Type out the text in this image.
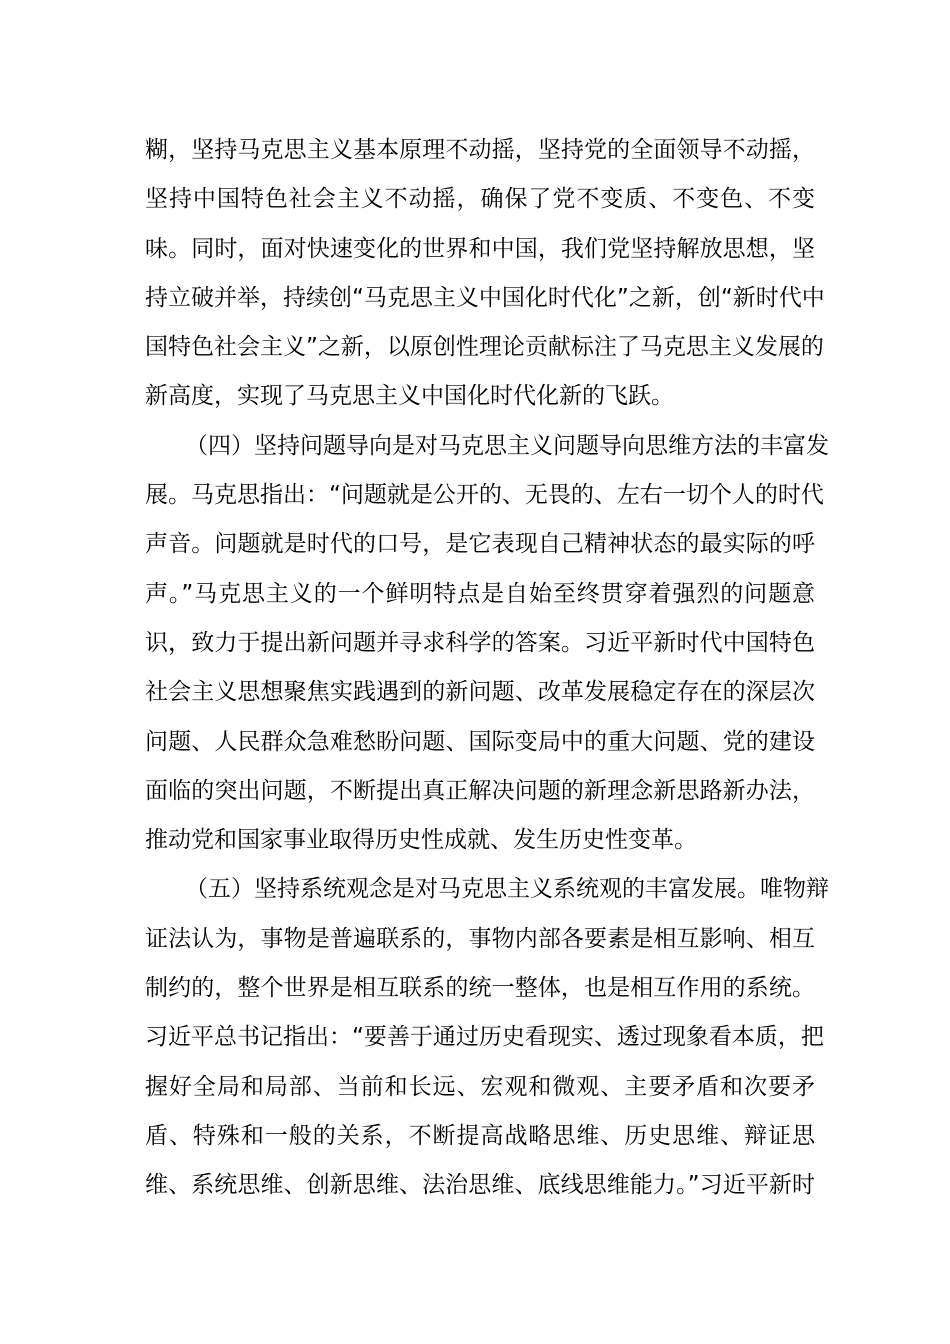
糊，坚持马克思主义基本原理不动摇，坚持党的全面领导不动摇，
坚持中国特色社会主义不动摇，确保了党不变质、不变色、不变
味。同时，面对快速变化的世界和中国，我们党坚持解放思想，坚
持立破并举，持续创“马克思主义中国化时代化”之新，创“新时代中
国特色社会主义”之新，以原创性理论贡献标注了马克思主义发展的
新高度，实现了马克思主义中国化时代化新的飞跃。
（四）坚持问题导向是对马克思主义问题导向思维方法的丰富发
展。马克思指出：“问题就是公开的、无畏的、左右一切个人的时代
声音。问题就是时代的口号，是它表现自己精神状态的最实际的呼
声。”马克思主义的一个鲜明特点是自始至终贯穿着强烈的问题意
识，致力于提出新问题并寻求科学的答案。习近平新时代中国特色
社会主义思想聚焦实践遇到的新问题、改革发展稳定存在的深层次
问题、人民群众急难愁盼问题、国际变局中的重大问题、党的建设
面临的突出问题，不断提出真正解决问题的新理念新思路新办法，
推动党和国家事业取得历史性成就、发生历史性变革。
（五）坚持系统观念是对马克思主义系统观的丰富发展。唯物辩
证法认为，事物是普遍联系的，事物内部各要素是相互影响、相互
制约的，整个世界是相互联系的统一整体，也是相互作用的系统。
习近平总书记指出：“要善于通过历史看现实、透过现象看本质，把
握好全局和局部、当前和长远、宏观和微观、主要矛盾和次要矛
盾、特殊和一般的关系，不断提高战略思维、历史思维、辩证思
维、系统思维、创新思维、法治思维、底线思维能力。”习近平新时
